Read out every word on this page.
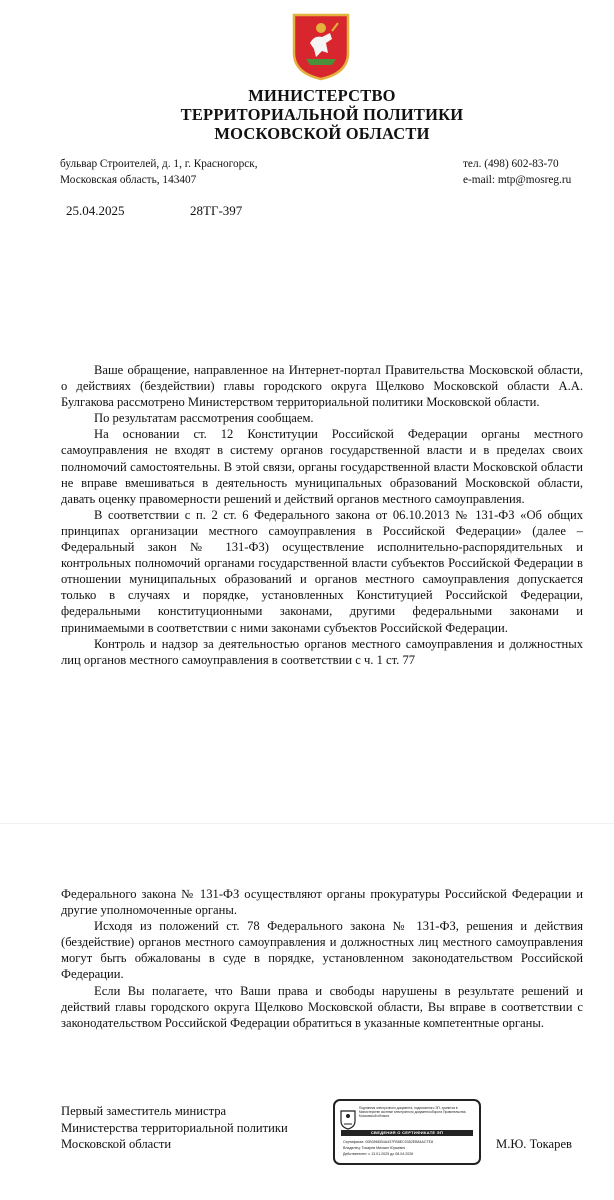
МИНИСТЕРСТВО
ТЕРРИТОРИАЛЬНОЙ ПОЛИТИКИ
МОСКОВСКОЙ ОБЛАСТИ
бульвар Строителей, д. 1, г. Красногорск,
Московская область, 143407
тел. (498) 602-83-70
e-mail: mtp@mosreg.ru
25.04.2025	28ТГ-397

Ваше обращение, направленное на Интернет-портал Правительства Московской области, о действиях (бездействии) главы городского округа Щелково Московской области А.А. Булгакова рассмотрено Министерством территориальной политики Московской области.

По результатам рассмотрения сообщаем.

На основании ст. 12 Конституции Российской Федерации органы местного самоуправления не входят в систему органов государственной власти и в пределах своих полномочий самостоятельны. В этой связи, органы государственной власти Московской области не вправе вмешиваться в деятельность муниципальных образований Московской области, давать оценку правомерности решений и действий органов местного самоуправления.

В соответствии с п. 2 ст. 6 Федерального закона от 06.10.2013 № 131-ФЗ «Об общих принципах организации местного самоуправления в Российской Федерации» (далее – Федеральный закон № 131-ФЗ) осуществление исполнительно-распорядительных и контрольных полномочий органами государственной власти субъектов Российской Федерации в отношении муниципальных образований и органов местного самоуправления допускается только в случаях и порядке, установленных Конституцией Российской Федерации, федеральными конституционными законами, другими федеральными законами и принимаемыми в соответствии с ними законами субъектов Российской Федерации.

Контроль и надзор за деятельностью органов местного самоуправления и должностных лиц органов местного самоуправления в соответствии с ч. 1 ст. 77

Федерального закона № 131-ФЗ осуществляют органы прокуратуры Российской Федерации и другие уполномоченные органы.

Исходя из положений ст. 78 Федерального закона № 131-ФЗ, решения и действия (бездействие) органов местного самоуправления и должностных лиц местного самоуправления могут быть обжалованы в суде в порядке, установленном законодательством Российской Федерации.

Если Вы полагаете, что Ваши права и свободы нарушены в результате решений и действий главы городского округа Щелково Московской области, Вы вправе в соответствии с законодательством Российской Федерации обратиться в указанные компетентные органы.

Первый заместитель министра
Министерства территориальной политики
Московской области	М.Ю. Токарев
Подлинник электронного документа, подписанного ЭП, хранится в Министерстве системе электронного документооборота Правительства Московской области
СВЕДЕНИЯ О СЕРТИФИКАТЕ ЭП
Сертификат: 00B396DB4A437FB8EC0352EB84ACTE8
Владелец: Токарев Михаил Юрьевич
Действителен: с 13.01.2025 до 08.04.2026
